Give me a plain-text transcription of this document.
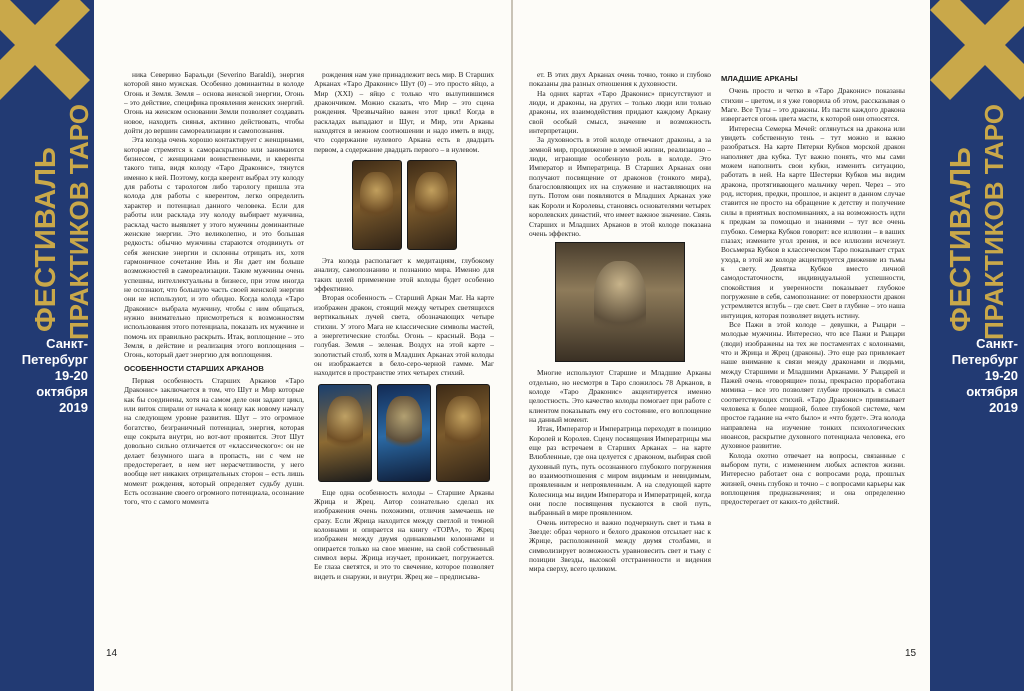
ФЕСТИВАЛЬ ПРАКТИКОВ ТАРО
Санкт-Петербург
19-20 октября
2019

ника Северино Баральди (Severino Baraldi), энергия которой явно мужская. Особенно доминантны в колоде Огонь и Земля. Земля – основа женской энергии, Огонь – это действие, специфика проявления женских энергий. Огонь на женском основании Земли позволяет создавать новое, находить сиянья, активно действовать, чтобы дойти до вершин самореализации и самопознания.

Эта колода очень хорошо контактирует с женщинами, которые стремятся к самораскрытию или занимаются бизнесом, с женщинами воинственными, и кверенты такого типа, видя колоду «Таро Драконис», тянутся именно к ней. Поэтому, когда кверент выбрал эту колоду для работы с тарологом либо тарологу пришла эта колода для работы с кверентом, легко определить характер и потенциал данного человека. Если для работы или расклада эту колоду выбирает мужчина, расклад часто выявляет у этого мужчины доминантные женские энергии. Это великолепно, и это большая редкость: обычно мужчины стараются отодвинуть от себя женские энергии и склонны отрицать их, хотя гармоничное сочетание Инь и Ян дает им больше возможностей в самореализации. Такие мужчины очень успешны, интеллектуальны в бизнесе, при этом иногда не осознают, что большую часть своей женской энергии они не используют, и это обидно. Когда колода «Таро Драконис» выбрала мужчину, чтобы с ним общаться, нужно внимательно присмотреться к возможностям использования этого потенциала, показать их мужчине и помочь их правильно раскрыть. Итак, воплощение – это Земля, в действие и реализация этого воплощения – Огонь, который дает энергию для воплощения.

ОСОБЕННОСТИ СТАРШИХ АРКАНОВ

Первая особенность Старших Арканов «Таро Драконис» заключается в том, что Шут и Мир которые как бы соединены, хотя на самом деле они задают цикл, или виток спирали от начала к концу как новому началу на следующем уровне развития. Шут – это огромное богатство, безграничный потенциал, энергия, которая еще сокрыта внутри, но вот-вот проявится. Этот Шут довольно сильно отличается от «классического»: он не делает безумного шага в пропасть, ни с чем не предостерегает, в нем нет нерасчетливости, у него вообще нет никаких отрицательных сторон – есть лишь момент рождения, который определяет судьбу души. Есть осознание своего огромного потенциала, осознание того, что с самого момента

рождения нам уже принадлежит весь мир. В Старших Арканах «Таро Драконис» Шут (0) – это просто яйцо, а Мир (XXI) – яйцо с только что вылупившимся дракончиком. Можно сказать, что Мир – это сцена рождения. Чрезвычайно важен этот цикл! Когда в раскладах выпадают и Шут, и Мир, эти Арканы находятся в нежном соотношении и надо иметь в виду, что содержание нулевого Аркана есть в двадцать первом, а содержание двадцать первого – в нулевом.

Эта колода располагает к медитациям, глубокому анализу, самопознанию и познанию мира. Именно для таких целей применение этой колоды будет особенно эффективно.

Вторая особенность – Старший Аркан Маг. На карте изображен дракон, стоящий между четырех светящихся вертикальных лучей света, обозначающих четыре стихии. У этого Мага не классические символы мастей, а энергетические столбы. Огонь – красный. Вода – голубая. Земля – зеленая. Воздух на этой карте – золотистый столб, хотя в Младших Арканах этой колоды он изображается в бело-серо-черной гамме. Маг находится в пространстве этих четырех стихий.

Еще одна особенность колоды – Старшие Арканы Жрица и Жрец. Автор сознательно сделал их изображения очень похожими, отличия замечаешь не сразу. Если Жрица находится между светлой и темной колоннами и опирается на книгу «ТОРА», то Жрец изображен между двумя одинаковыми колоннами и опирается только на свое мнение, на свой собственный символ веры. Жрица изучает, проникает, погружается. Ее глаза светятся, и это то свечение, которое позволяет видеть и снаружи, и внутри. Жрец же – предписыва-

14

ет. В этих двух Арканах очень точно, тонко и глубоко показаны два разных отношения к духовности.

На одних картах «Таро Драконис» присутствуют и люди, и драконы, на других – только люди или только драконы, их взаимодействия придают каждому Аркану свой особый смысл, значение и возможность интерпретации.

За духовность в этой колоде отвечают драконы, а за земной мир, продвижение в земной жизни, реализацию – люди, играющие особенную роль в колоде. Это Император и Императрица. В Старших Арканах они получают посвящение от драконов (тонкого мира), благословляющих их на служение и наставляющих на путь. Потом они появляются в Младших Арканах уже как Короли и Королевы, становясь основателями четырех королевских династий, что имеет важное значение. Связь Старших и Младших Арканов в этой колоде показана очень эффектно.

Многие используют Старшие и Младшие Арканы отдельно, но несмотря в Таро сложилось 78 Арканов, в колоде «Таро Драконис» акцентируется именно целостность. Это качество колоды помогает при работе с клиентом показывать ему его состояние, его воплощение на данный момент.

Итак, Император и Императрица переходят в позицию Королей и Королев. Сцену посвящения Императрицы мы еще раз встречаем в Старших Арканах – на карте Влюбленные, где она целуется с драконом, выбирая свой духовный путь, путь осознанного глубокого погружения во взаимоотношения с миром видимым и невидимым, проявленным и непроявленным. А на следующей карте Колесница мы видим Императора и Императрицей, когда они после посвящения пускаются в свой путь, выбранный в мире проявленном.

Очень интересно и важно подчеркнуть свет и тьма в Звезде: образ черного и белого драконов отсылает нас к Жрице, расположенной между двумя столбами, и символизирует возможность уравновесить свет и тьму с позиции Звезды, высокой отстраненности и видения мира сверху, всего целиком.

МЛАДШИЕ АРКАНЫ

Очень просто и четко в «Таро Драконис» показаны стихии – цветом, и я уже говорила об этом, рассказывая о Маге. Все Тузы – это драконы. Из пасти каждого дракона извергается огонь цвета масти, к которой они относятся.

Интересна Семерка Мечей: оглянуться на дракона или увидеть собственную тень – тут можно и важно разобраться. На карте Пятерки Кубков морской дракон наполняет два кубка. Тут важно понять, что мы сами можем наполнить свои кубки, изменить ситуацию, работать в ней. На карте Шестерки Кубков мы видим дракона, протягивающего мальчику череп. Через – это род, история, предки, прошлое, и акцент в данном случае ставится не просто на обращение к детству и получение силы в приятных воспоминаниях, а на возможность идти к предкам за помощью и знаниями – тут все очень глубоко. Семерка Кубков говорит: все иллюзии – в ваших глазах; измените угол зрения, и все иллюзии исчезнут. Восьмерка Кубков в классическом Таро показывает страх ухода, в этой же колоде акцентируется движение из тьмы к свету. Девятка Кубков вместо личной самодостаточности, индивидуальной успешности, спокойствия и уверенности показывает глубокое погружение в себя, самопознание: от поверхности дракон устремляется вглубь – где свет. Свет в глубине – это наша интуиция, которая позволяет видеть истину.

Все Пажи в этой колоде – девушки, а Рыцари – молодые мужчины. Интересно, что все Пажи и Рыцари (люди) изображены на тех же постаментах с колоннами, что и Жрица и Жрец (драконы). Это еще раз привлекает наше внимание к связи между драконами и людьми, между Старшими и Младшими Арканами. У Рыцарей и Пажей очень «говорящие» позы, прекрасно проработана мимика – все это позволяет глубже проникать в смысл соответствующих стихий. «Таро Драконис» привязывает человека к более мощной, более глубокой системе, чем простое гадание на «что было» и «что будет». Эта колода направлена на изучение тонких психологических нюансов, раскрытие духовного потенциала человека, его духовное развитие.

Колода охотно отвечает на вопросы, связанные с выбором пути, с изменением любых аспектов жизни. Интересно работает она с вопросами рода, прошлых жизней, очень глубоко и точно – с вопросами карьеры как воплощения предназначения; и она определенно предостерегает от каких-то действий.

15
ФЕСТИВАЛЬ ПРАКТИКОВ ТАРО
Санкт-Петербург
19-20 октября
2019
